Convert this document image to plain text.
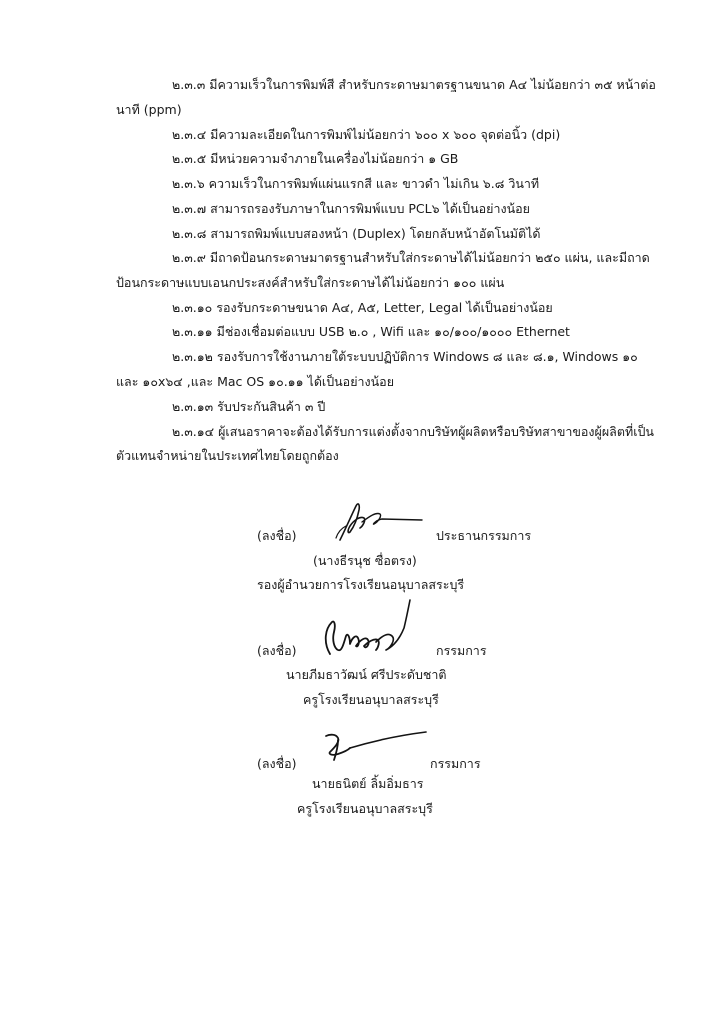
๒.๓.๓ มีความเร็วในการพิมพ์สี สำหรับกระดาษมาตรฐานขนาด A๔ ไม่น้อยกว่า ๓๕ หน้าต่อ
นาที (ppm)
๒.๓.๔ มีความละเอียดในการพิมพ์ไม่น้อยกว่า ๖๐๐ x ๖๐๐ จุดต่อนิ้ว (dpi)
๒.๓.๕ มีหน่วยความจำภายในเครื่องไม่น้อยกว่า ๑ GB
๒.๓.๖ ความเร็วในการพิมพ์แผ่นแรกสี และ ขาวดำ ไม่เกิน ๖.๘ วินาที
๒.๓.๗ สามารถรองรับภาษาในการพิมพ์แบบ PCL๖ ได้เป็นอย่างน้อย
๒.๓.๘ สามารถพิมพ์แบบสองหน้า (Duplex) โดยกลับหน้าอัตโนมัติได้
๒.๓.๙ มีถาดป้อนกระดาษมาตรฐานสำหรับใส่กระดาษได้ไม่น้อยกว่า ๒๕๐ แผ่น, และมีถาด
ป้อนกระดาษแบบเอนกประสงค์สำหรับใส่กระดาษได้ไม่น้อยกว่า ๑๐๐ แผ่น
๒.๓.๑๐ รองรับกระดาษขนาด A๔, A๕, Letter, Legal ได้เป็นอย่างน้อย
๒.๓.๑๑ มีช่องเชื่อมต่อแบบ USB ๒.๐ , Wifi และ ๑๐/๑๐๐/๑๐๐๐ Ethernet
๒.๓.๑๒ รองรับการใช้งานภายใต้ระบบปฏิบัติการ Windows ๘ และ ๘.๑, Windows ๑๐
และ ๑๐x๖๔ ,และ Mac OS ๑๐.๑๑ ได้เป็นอย่างน้อย
๒.๓.๑๓ รับประกันสินค้า ๓ ปี
๒.๓.๑๔ ผู้เสนอราคาจะต้องได้รับการแต่งตั้งจากบริษัทผู้ผลิตหรือบริษัทสาขาของผู้ผลิตที่เป็น
ตัวแทนจำหน่ายในประเทศไทยโดยถูกต้อง
(ลงชื่อ)	ประธานกรรมการ
(นางธีรนุช ซื่อตรง)
รองผู้อำนวยการโรงเรียนอนุบาลสระบุรี
(ลงชื่อ)	กรรมการ
นายภีมธาวัฒน์ ศรีประดับชาติ
ครูโรงเรียนอนุบาลสระบุรี
(ลงชื่อ)	กรรมการ
นายธนิตย์ ลิ้มอิ่มธาร
ครูโรงเรียนอนุบาลสระบุรี
